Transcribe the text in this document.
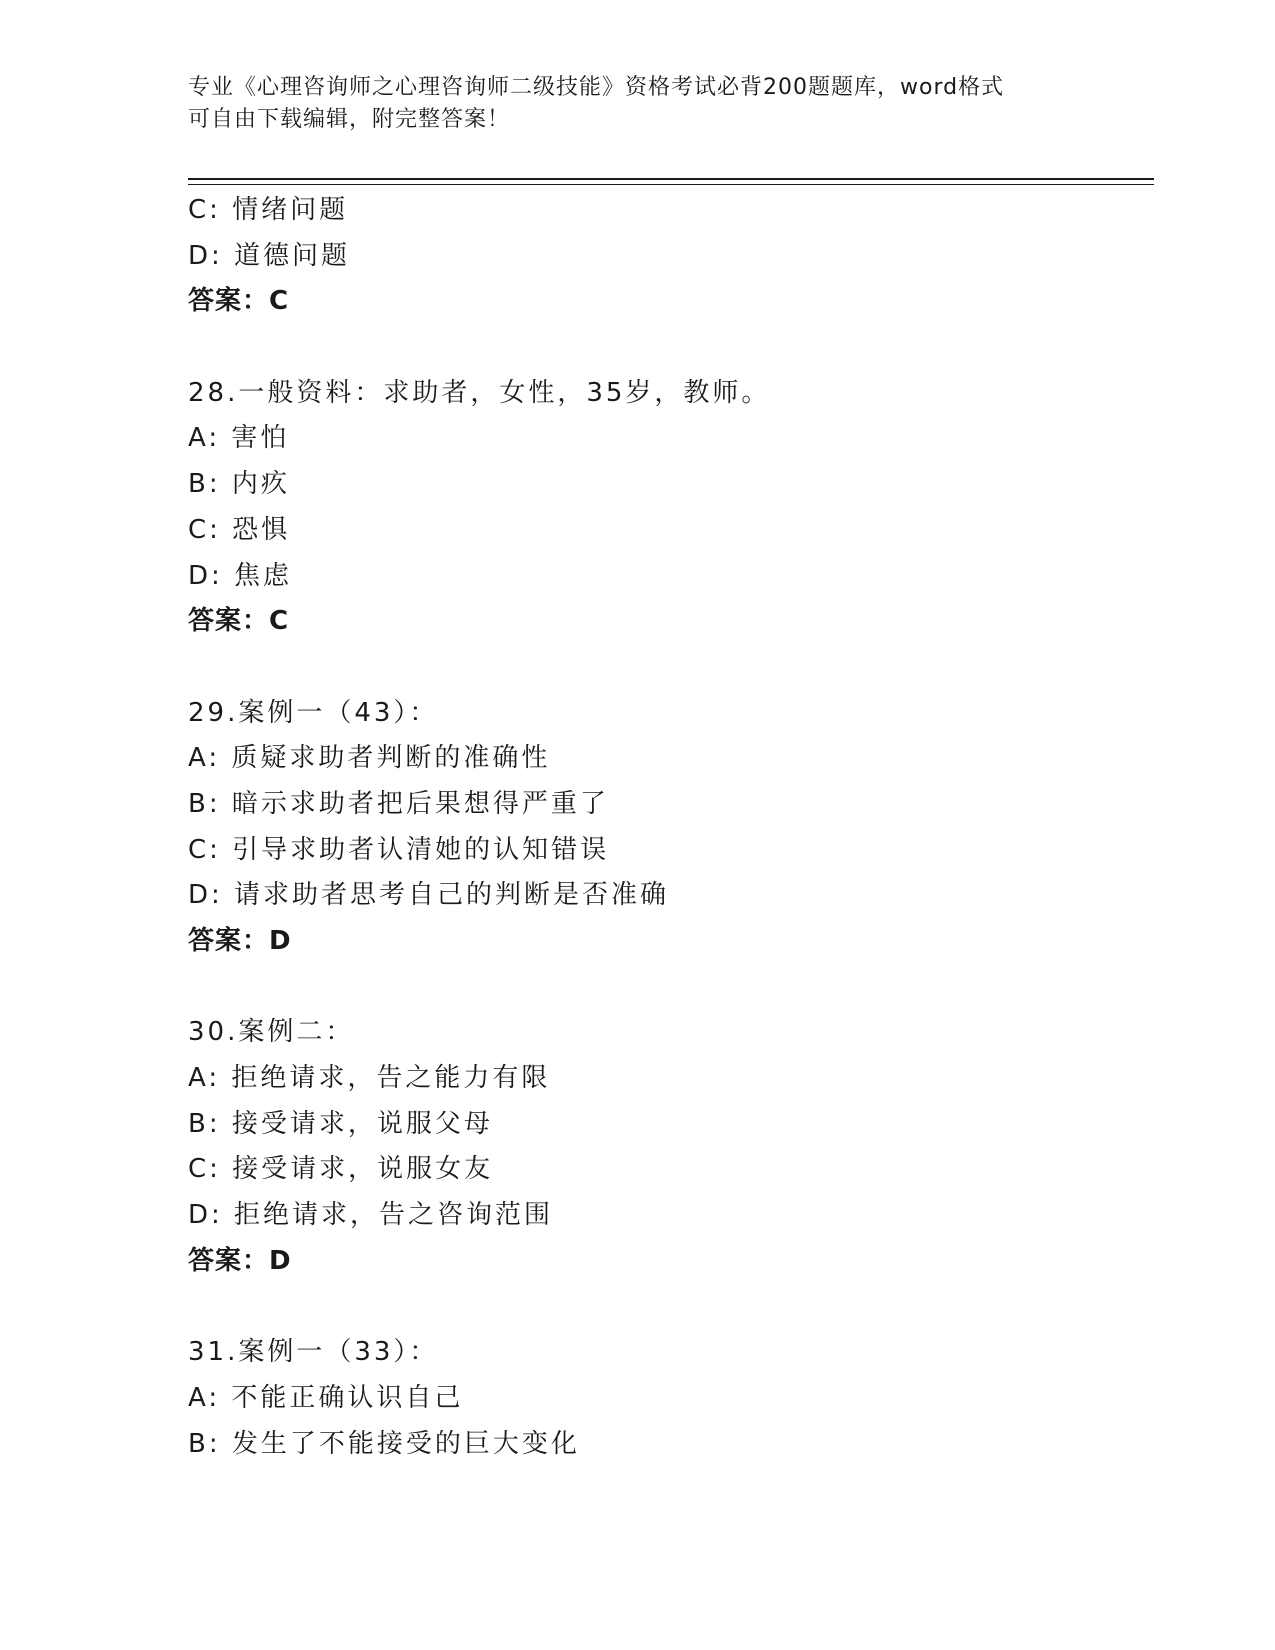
专业《心理咨询师之心理咨询师二级技能》资格考试必背200题题库，word格式
可自由下载编辑，附完整答案！
C: 情绪问题
D: 道德问题
答案：C
28.一般资料：求助者，女性，35岁，教师。
A: 害怕
B: 内疚
C: 恐惧
D: 焦虑
答案：C
29.案例一（43）：
A: 质疑求助者判断的准确性
B: 暗示求助者把后果想得严重了
C: 引导求助者认清她的认知错误
D: 请求助者思考自己的判断是否准确
答案：D
30.案例二：
A: 拒绝请求，告之能力有限
B: 接受请求，说服父母
C: 接受请求，说服女友
D: 拒绝请求，告之咨询范围
答案：D
31.案例一（33）：
A: 不能正确认识自己
B: 发生了不能接受的巨大变化
